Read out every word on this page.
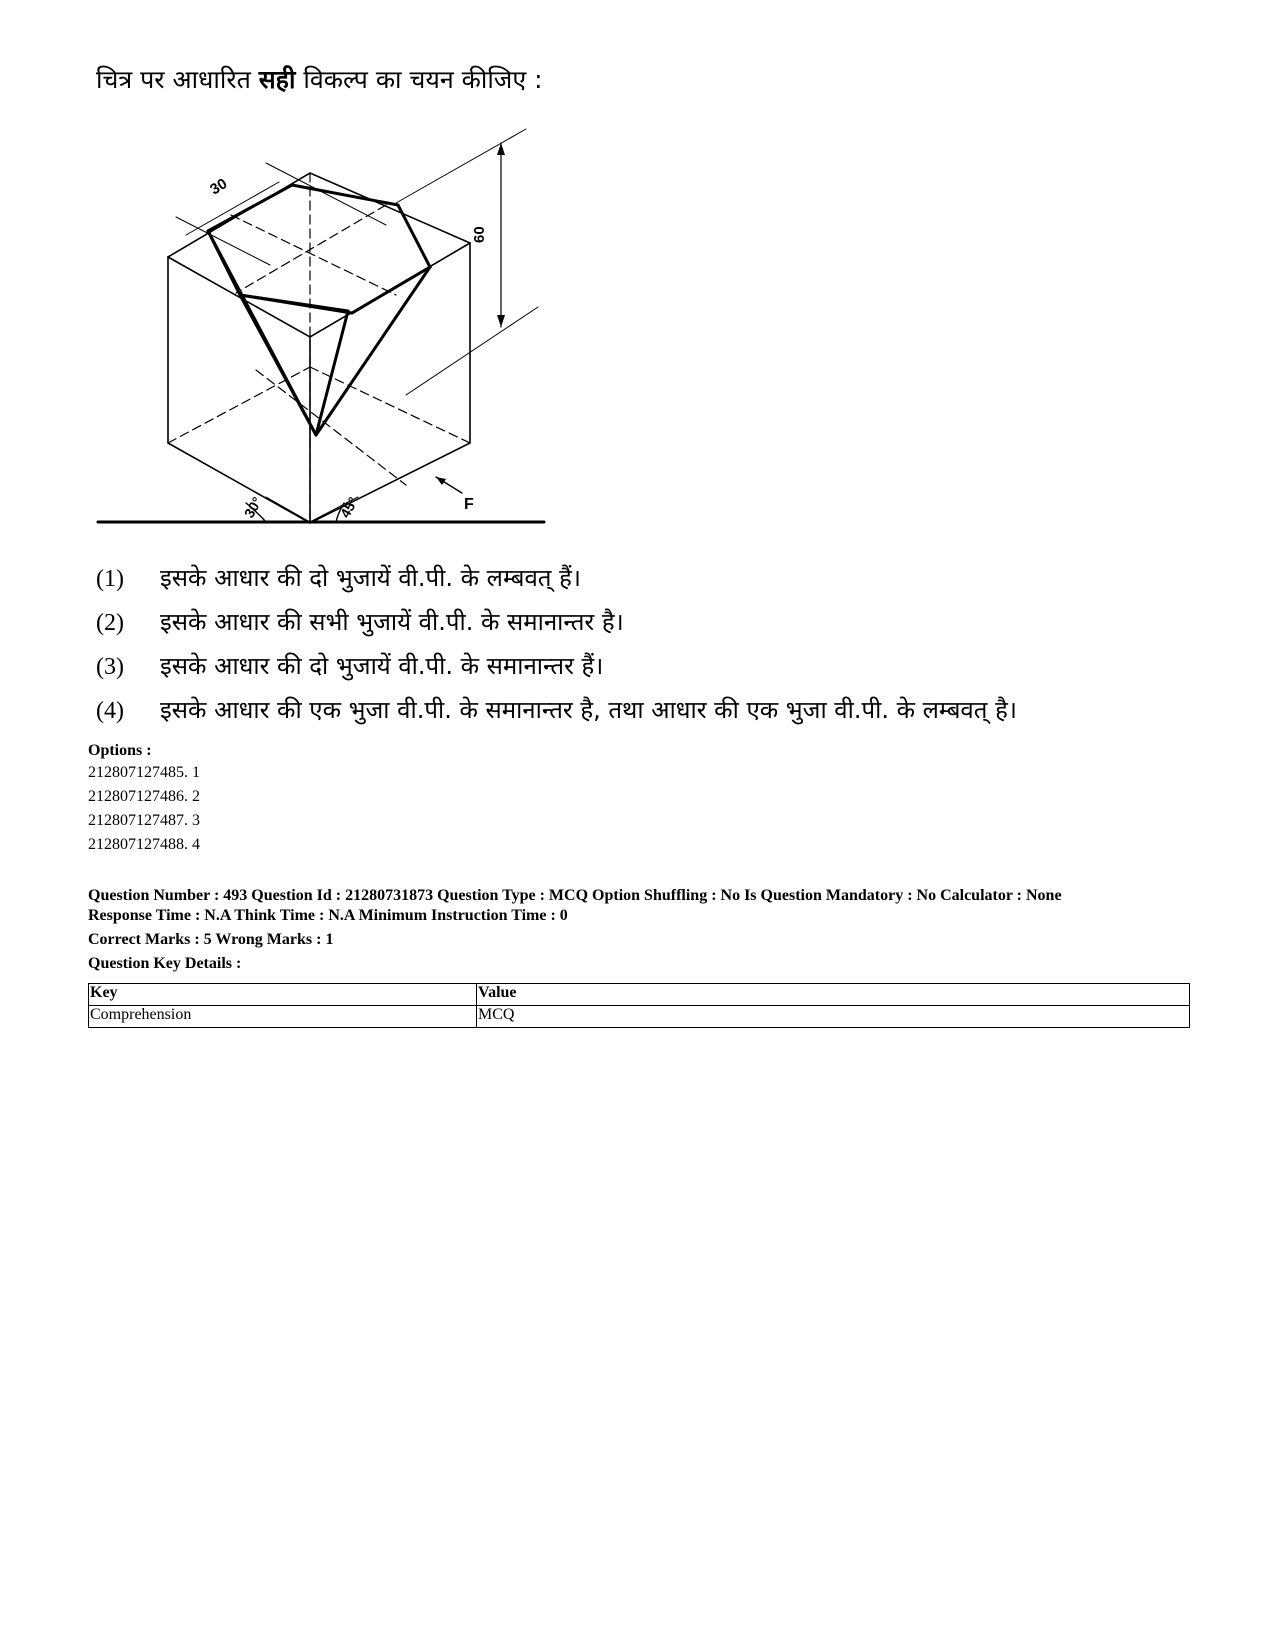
चित्र पर आधारित सही विकल्प का चयन कीजिए :
30
60
30°	45°	F
(1) इसके आधार की दो भुजायें वी.पी. के लम्बवत् हैं।
(2) इसके आधार की सभी भुजायें वी.पी. के समानान्तर है।
(3) इसके आधार की दो भुजायें वी.पी. के समानान्तर हैं।
(4) इसके आधार की एक भुजा वी.पी. के समानान्तर है, तथा आधार की एक भुजा वी.पी. के लम्बवत् है।
Options :
212807127485. 1
212807127486. 2
212807127487. 3
212807127488. 4
Question Number : 493 Question Id : 21280731873 Question Type : MCQ Option Shuffling : No Is Question Mandatory : No Calculator : None
Response Time : N.A Think Time : N.A Minimum Instruction Time : 0
Correct Marks : 5 Wrong Marks : 1
Question Key Details :
Key	Value
Comprehension	MCQ
